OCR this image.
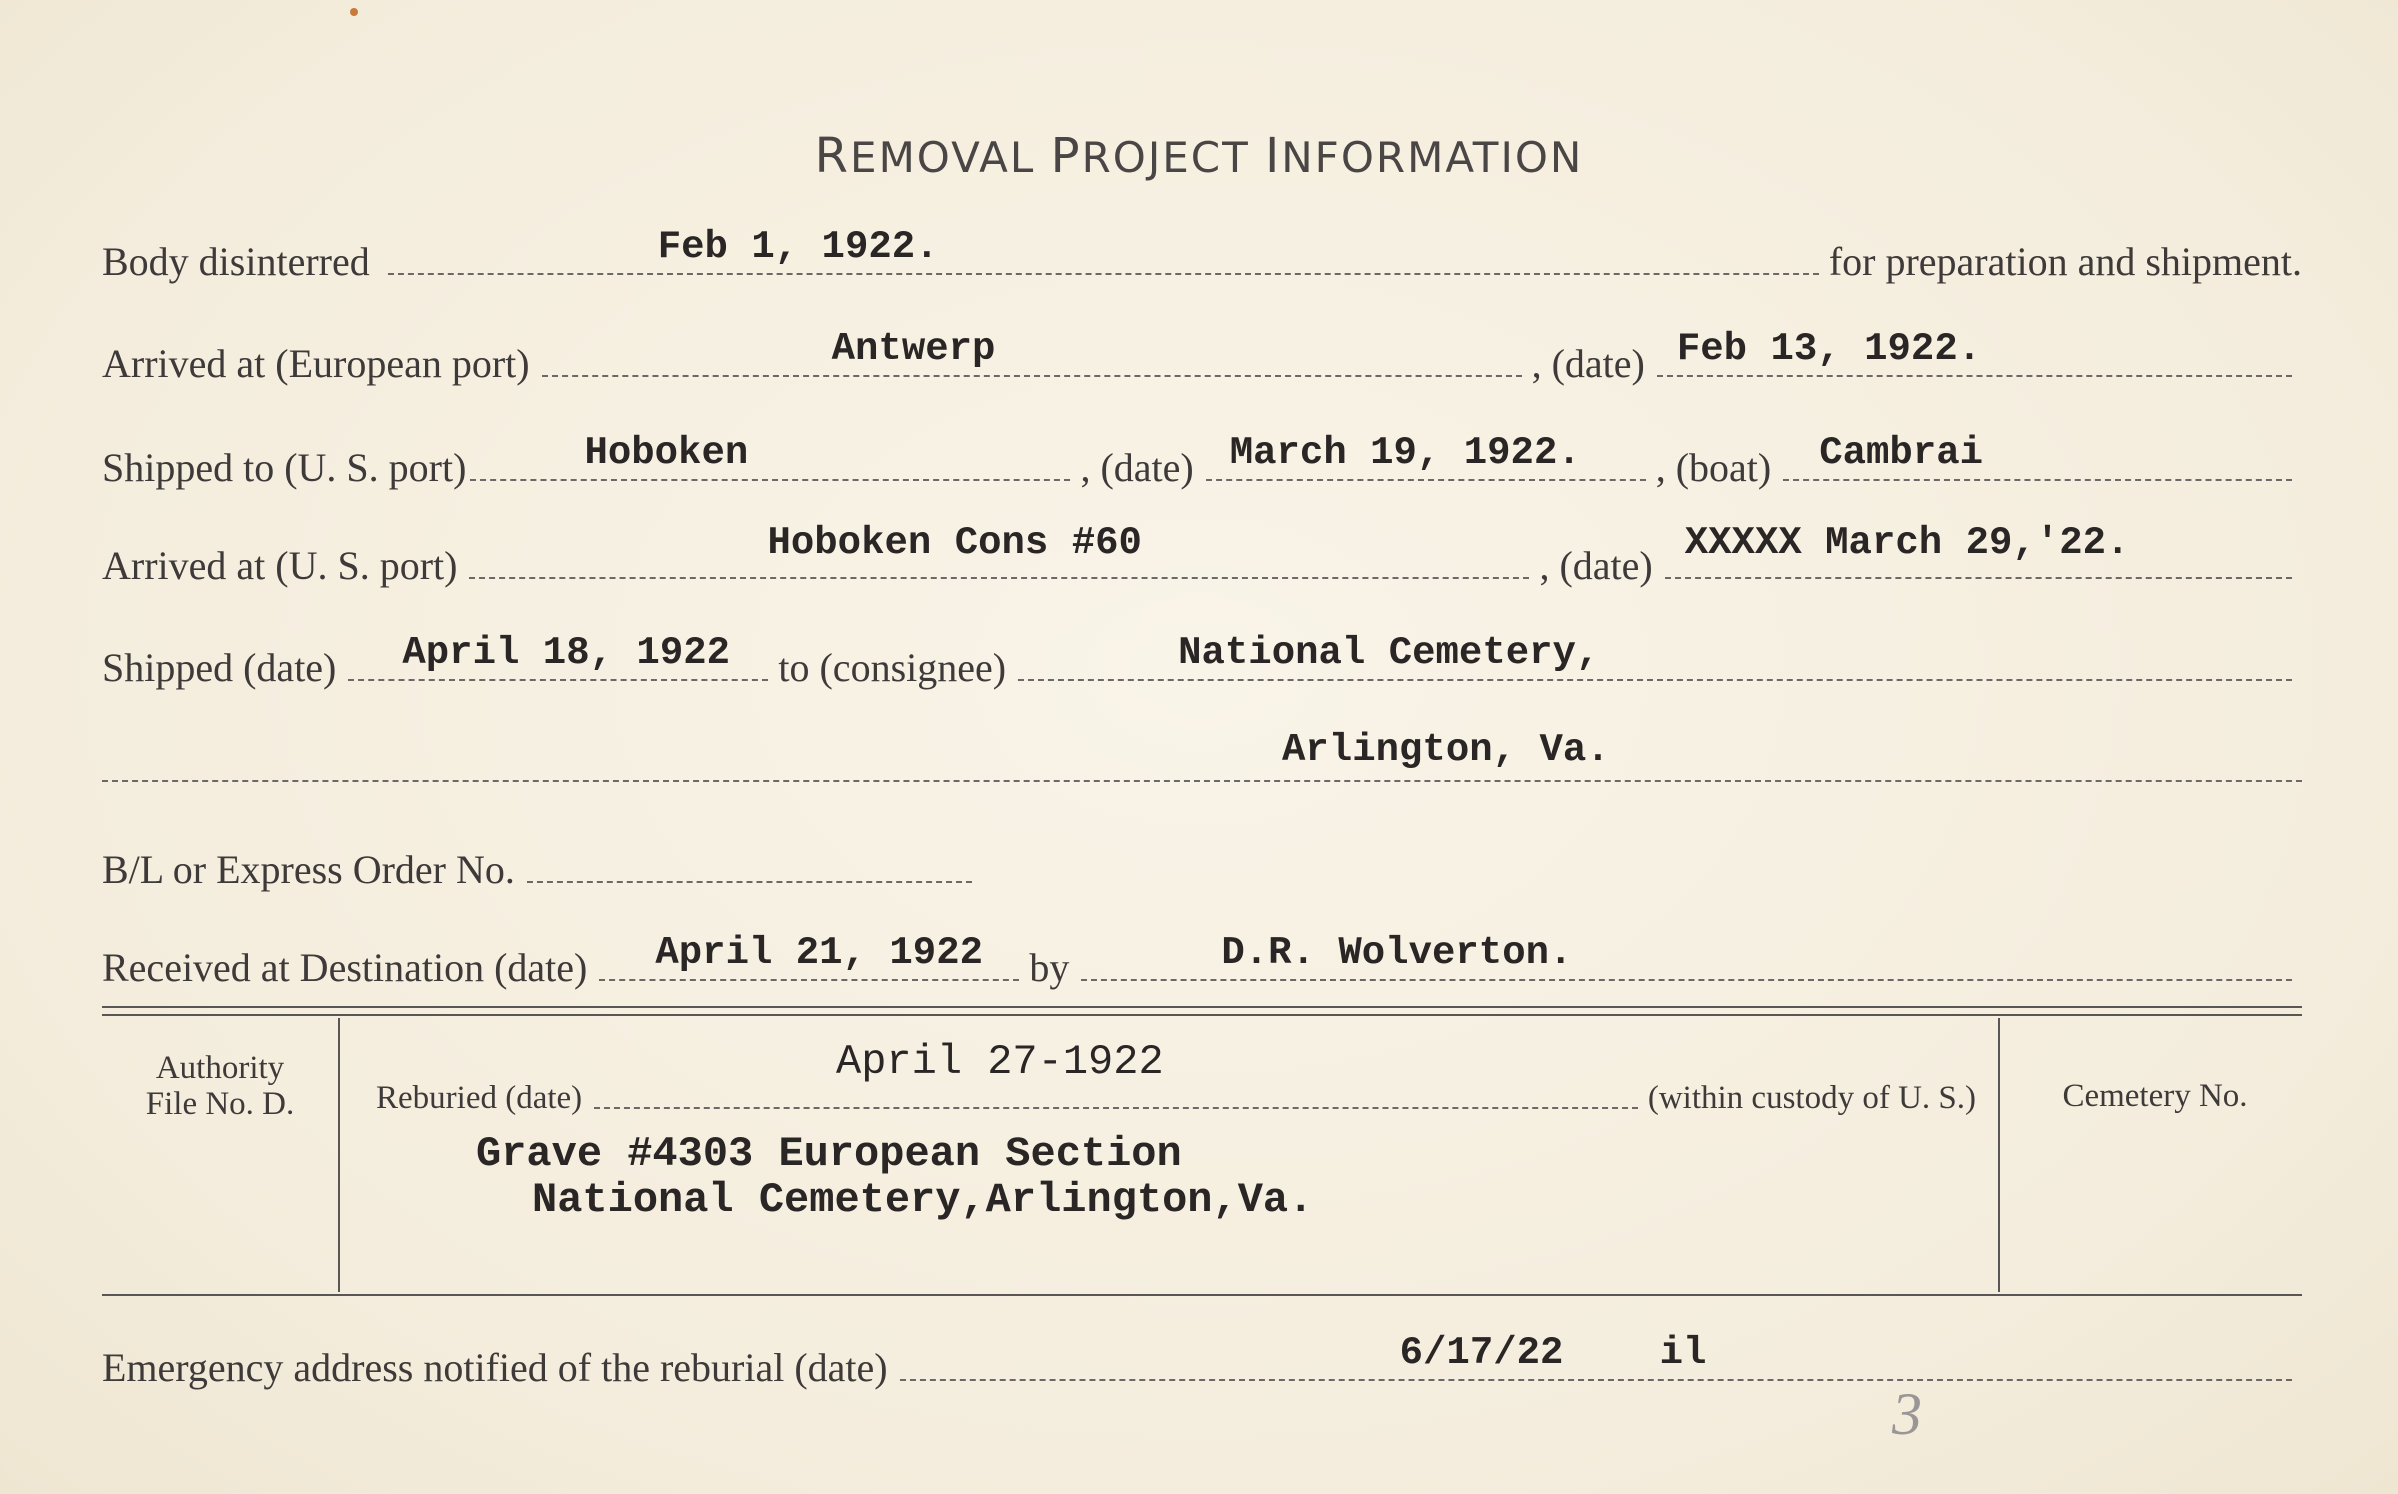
REMOVAL PROJECT INFORMATION
Body disinterred	Feb 1, 1922.	for preparation and shipment.
Arrived at (European port)	Antwerp	, (date) Feb 13, 1922.
Shipped to (U. S. port)	Hoboken	, (date) March 19, 1922. , (boat) Cambrai
Arrived at (U. S. port)	Hoboken Cons #60	, (date) XXXXX March 29,'22.
Shipped (date) April 18, 1922 to (consignee)	National Cemetery,
Arlington, Va.
B/L or Express Order No.
Received at Destination (date) April 21, 1922 by	D.R. Wolverton.
Authority
File No. D.
April 27-1922
Reburied (date)	(within custody of U. S.)	Cemetery No.
Grave #4303 European Section
National Cemetery,Arlington,Va.
Emergency address notified of the reburial (date)	6/17/22 il
3
